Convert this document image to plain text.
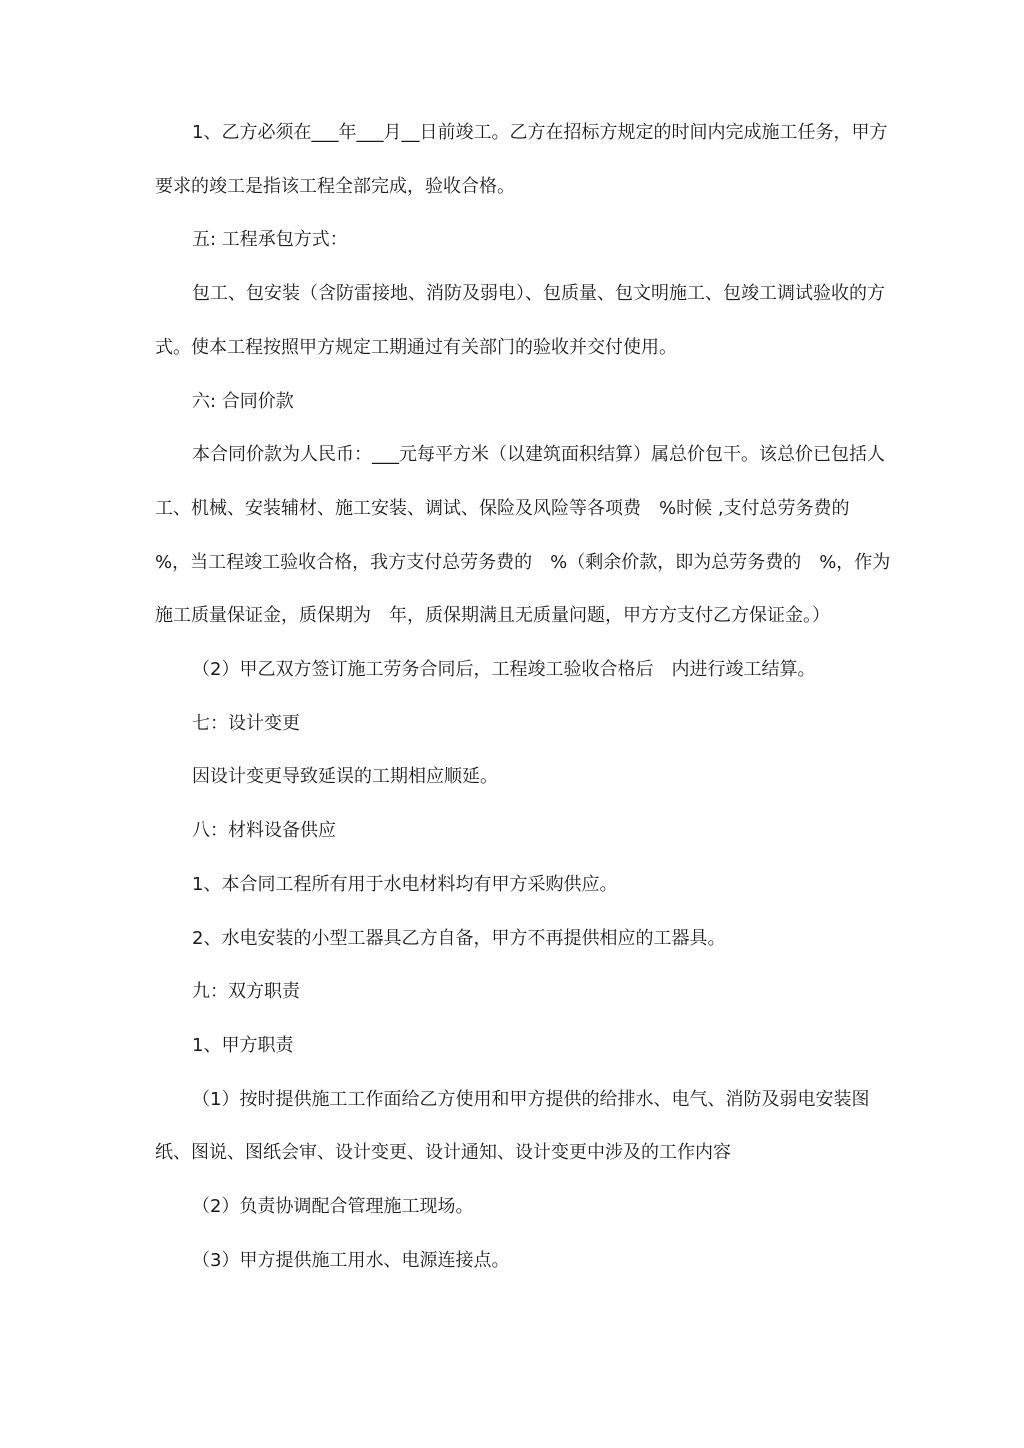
1、乙方必须在___年___月__日前竣工。乙方在招标方规定的时间内完成施工任务，甲方要求的竣工是指该工程全部完成，验收合格。

五: 工程承包方式：

包工、包安装（含防雷接地、消防及弱电）、包质量、包文明施工、包竣工调试验收的方式。使本工程按照甲方规定工期通过有关部门的验收并交付使用。

六: 合同价款

本合同价款为人民币：___元每平方米（以建筑面积结算）属总价包干。该总价已包括人工、机械、安装辅材、施工安装、调试、保险及风险等各项费　%时候 ,支付总劳务费的　%，当工程竣工验收合格，我方支付总劳务费的　%（剩余价款，即为总劳务费的　%，作为施工质量保证金，质保期为　年，质保期满且无质量问题，甲方方支付乙方保证金。）

（2）甲乙双方签订施工劳务合同后，工程竣工验收合格后　内进行竣工结算。

七：设计变更

因设计变更导致延误的工期相应顺延。

八：材料设备供应

1、本合同工程所有用于水电材料均有甲方采购供应。

2、水电安装的小型工器具乙方自备，甲方不再提供相应的工器具。

九：双方职责

1、甲方职责

（1）按时提供施工工作面给乙方使用和甲方提供的给排水、电气、消防及弱电安装图纸、图说、图纸会审、设计变更、设计通知、设计变更中涉及的工作内容

（2）负责协调配合管理施工现场。

（3）甲方提供施工用水、电源连接点。
